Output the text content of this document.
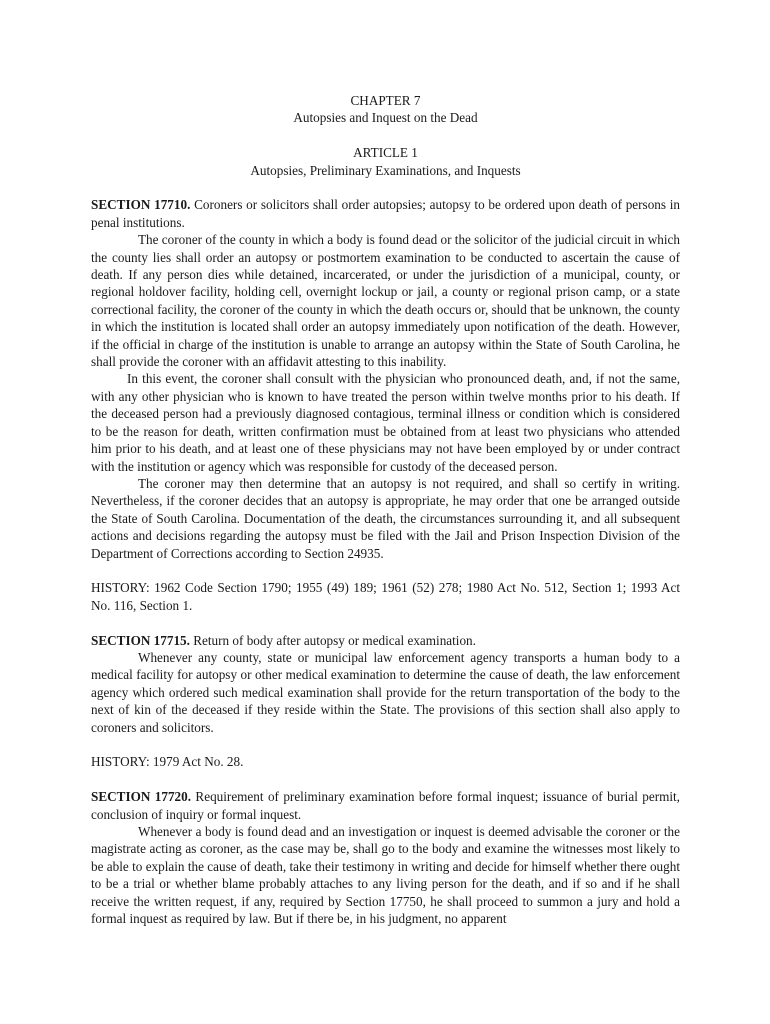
CHAPTER 7
Autopsies and Inquest on the Dead
ARTICLE 1
Autopsies, Preliminary Examinations, and Inquests

SECTION 17710. Coroners or solicitors shall order autopsies; autopsy to be ordered upon death of persons in penal institutions.

The coroner of the county in which a body is found dead or the solicitor of the judicial circuit in which the county lies shall order an autopsy or postmortem examination to be conducted to ascertain the cause of death. If any person dies while detained, incarcerated, or under the jurisdiction of a municipal, county, or regional holdover facility, holding cell, overnight lockup or jail, a county or regional prison camp, or a state correctional facility, the coroner of the county in which the death occurs or, should that be unknown, the county in which the institution is located shall order an autopsy immediately upon notification of the death. However, if the official in charge of the institution is unable to arrange an autopsy within the State of South Carolina, he shall provide the coroner with an affidavit attesting to this inability.

In this event, the coroner shall consult with the physician who pronounced death, and, if not the same, with any other physician who is known to have treated the person within twelve months prior to his death. If the deceased person had a previously diagnosed contagious, terminal illness or condition which is considered to be the reason for death, written confirmation must be obtained from at least two physicians who attended him prior to his death, and at least one of these physicians may not have been employed by or under contract with the institution or agency which was responsible for custody of the deceased person.

The coroner may then determine that an autopsy is not required, and shall so certify in writing. Nevertheless, if the coroner decides that an autopsy is appropriate, he may order that one be arranged outside the State of South Carolina. Documentation of the death, the circumstances surrounding it, and all subsequent actions and decisions regarding the autopsy must be filed with the Jail and Prison Inspection Division of the Department of Corrections according to Section 24935.

HISTORY: 1962 Code Section 1790; 1955 (49) 189; 1961 (52) 278; 1980 Act No. 512, Section 1; 1993 Act No. 116, Section 1.

SECTION 17715. Return of body after autopsy or medical examination.

Whenever any county, state or municipal law enforcement agency transports a human body to a medical facility for autopsy or other medical examination to determine the cause of death, the law enforcement agency which ordered such medical examination shall provide for the return transportation of the body to the next of kin of the deceased if they reside within the State. The provisions of this section shall also apply to coroners and solicitors.

HISTORY: 1979 Act No. 28.

SECTION 17720. Requirement of preliminary examination before formal inquest; issuance of burial permit, conclusion of inquiry or formal inquest.

Whenever a body is found dead and an investigation or inquest is deemed advisable the coroner or the magistrate acting as coroner, as the case may be, shall go to the body and examine the witnesses most likely to be able to explain the cause of death, take their testimony in writing and decide for himself whether there ought to be a trial or whether blame probably attaches to any living person for the death, and if so and if he shall receive the written request, if any, required by Section 17750, he shall proceed to summon a jury and hold a formal inquest as required by law. But if there be, in his judgment, no apparent
